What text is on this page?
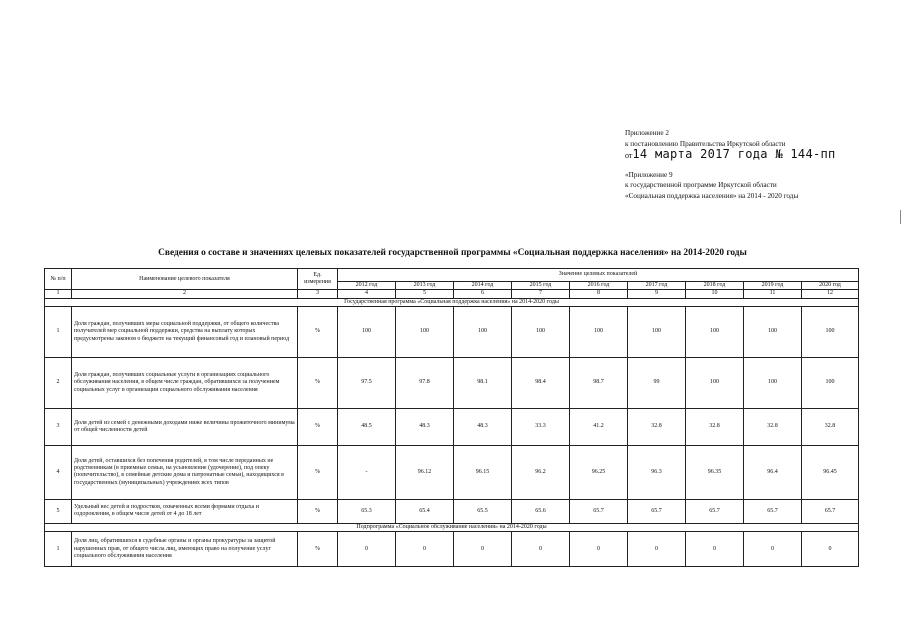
Приложение 2
к постановлению Правительства Иркутской области
от14 марта 2017 года № 144-пп
«Приложение 9
к государственной программе Иркутской области
«Социальная поддержка населения» на 2014 - 2020 годы
Сведения о составе и значениях целевых показателей государственной программы «Социальная поддержка населения» на 2014-2020 годы
№ п/п	Наименование целевого показателя	Ед. измерения	Значение целевых показателей								
			2012 год	2013 год	2014 год	2015 год	2016 год	2017 год	2018 год	2019 год	2020 год
1	2	3	4	5	6	7	8	9	10	11	12
Государственная программа «Социальная поддержка населения» на 2014-2020 годы											
1	Доля граждан, получивших меры социальной поддержки, от общего количества получателей мер социальной поддержки, средства на выплату которых предусмотрены законом о бюджете на текущий финансовый год и плановый период	%	100	100	100	100	100	100	100	100	100
2	Доля граждан, получивших социальные услуги в организациях социального обслуживания населения, в общем числе граждан, обратившихся за получением социальных услуг в организации социального обслуживания населения	%	97.5	97.8	98.1	98.4	98.7	99	100	100	100
3	Доля детей из семей с денежными доходами ниже величины прожиточного минимума от общей численности детей	%	48.5	48.3	48.3	33.3	41.2	32.8	32.8	32.8	32.8
4	Доля детей, оставшихся без попечения родителей, в том числе переданных не родственникам (в приемные семьи, на усыновление (удочерение), под опеку (попечительство), в семейные детские дома и патронатные семьи), находящихся в государственных (муниципальных) учреждениях всех типов	%	-	96.12	96.15	96.2	96.25	96.3	96.35	96.4	96.45
5	Удельный вес детей и подростков, охваченных всеми формами отдыха и оздоровления, в общем числе детей от 4 до 18 лет	%	65.3	65.4	65.5	65.6	65.7	65.7	65.7	65.7	65.7
Подпрограмма «Социальное обслуживание населения» на 2014-2020 годы											
1	Доля лиц, обратившихся в судебные органы и органы прокуратуры за защитой нарушенных прав, от общего числа лиц, имеющих право на получение услуг социального обслуживания населения	%	0	0	0	0	0	0	0	0	0
